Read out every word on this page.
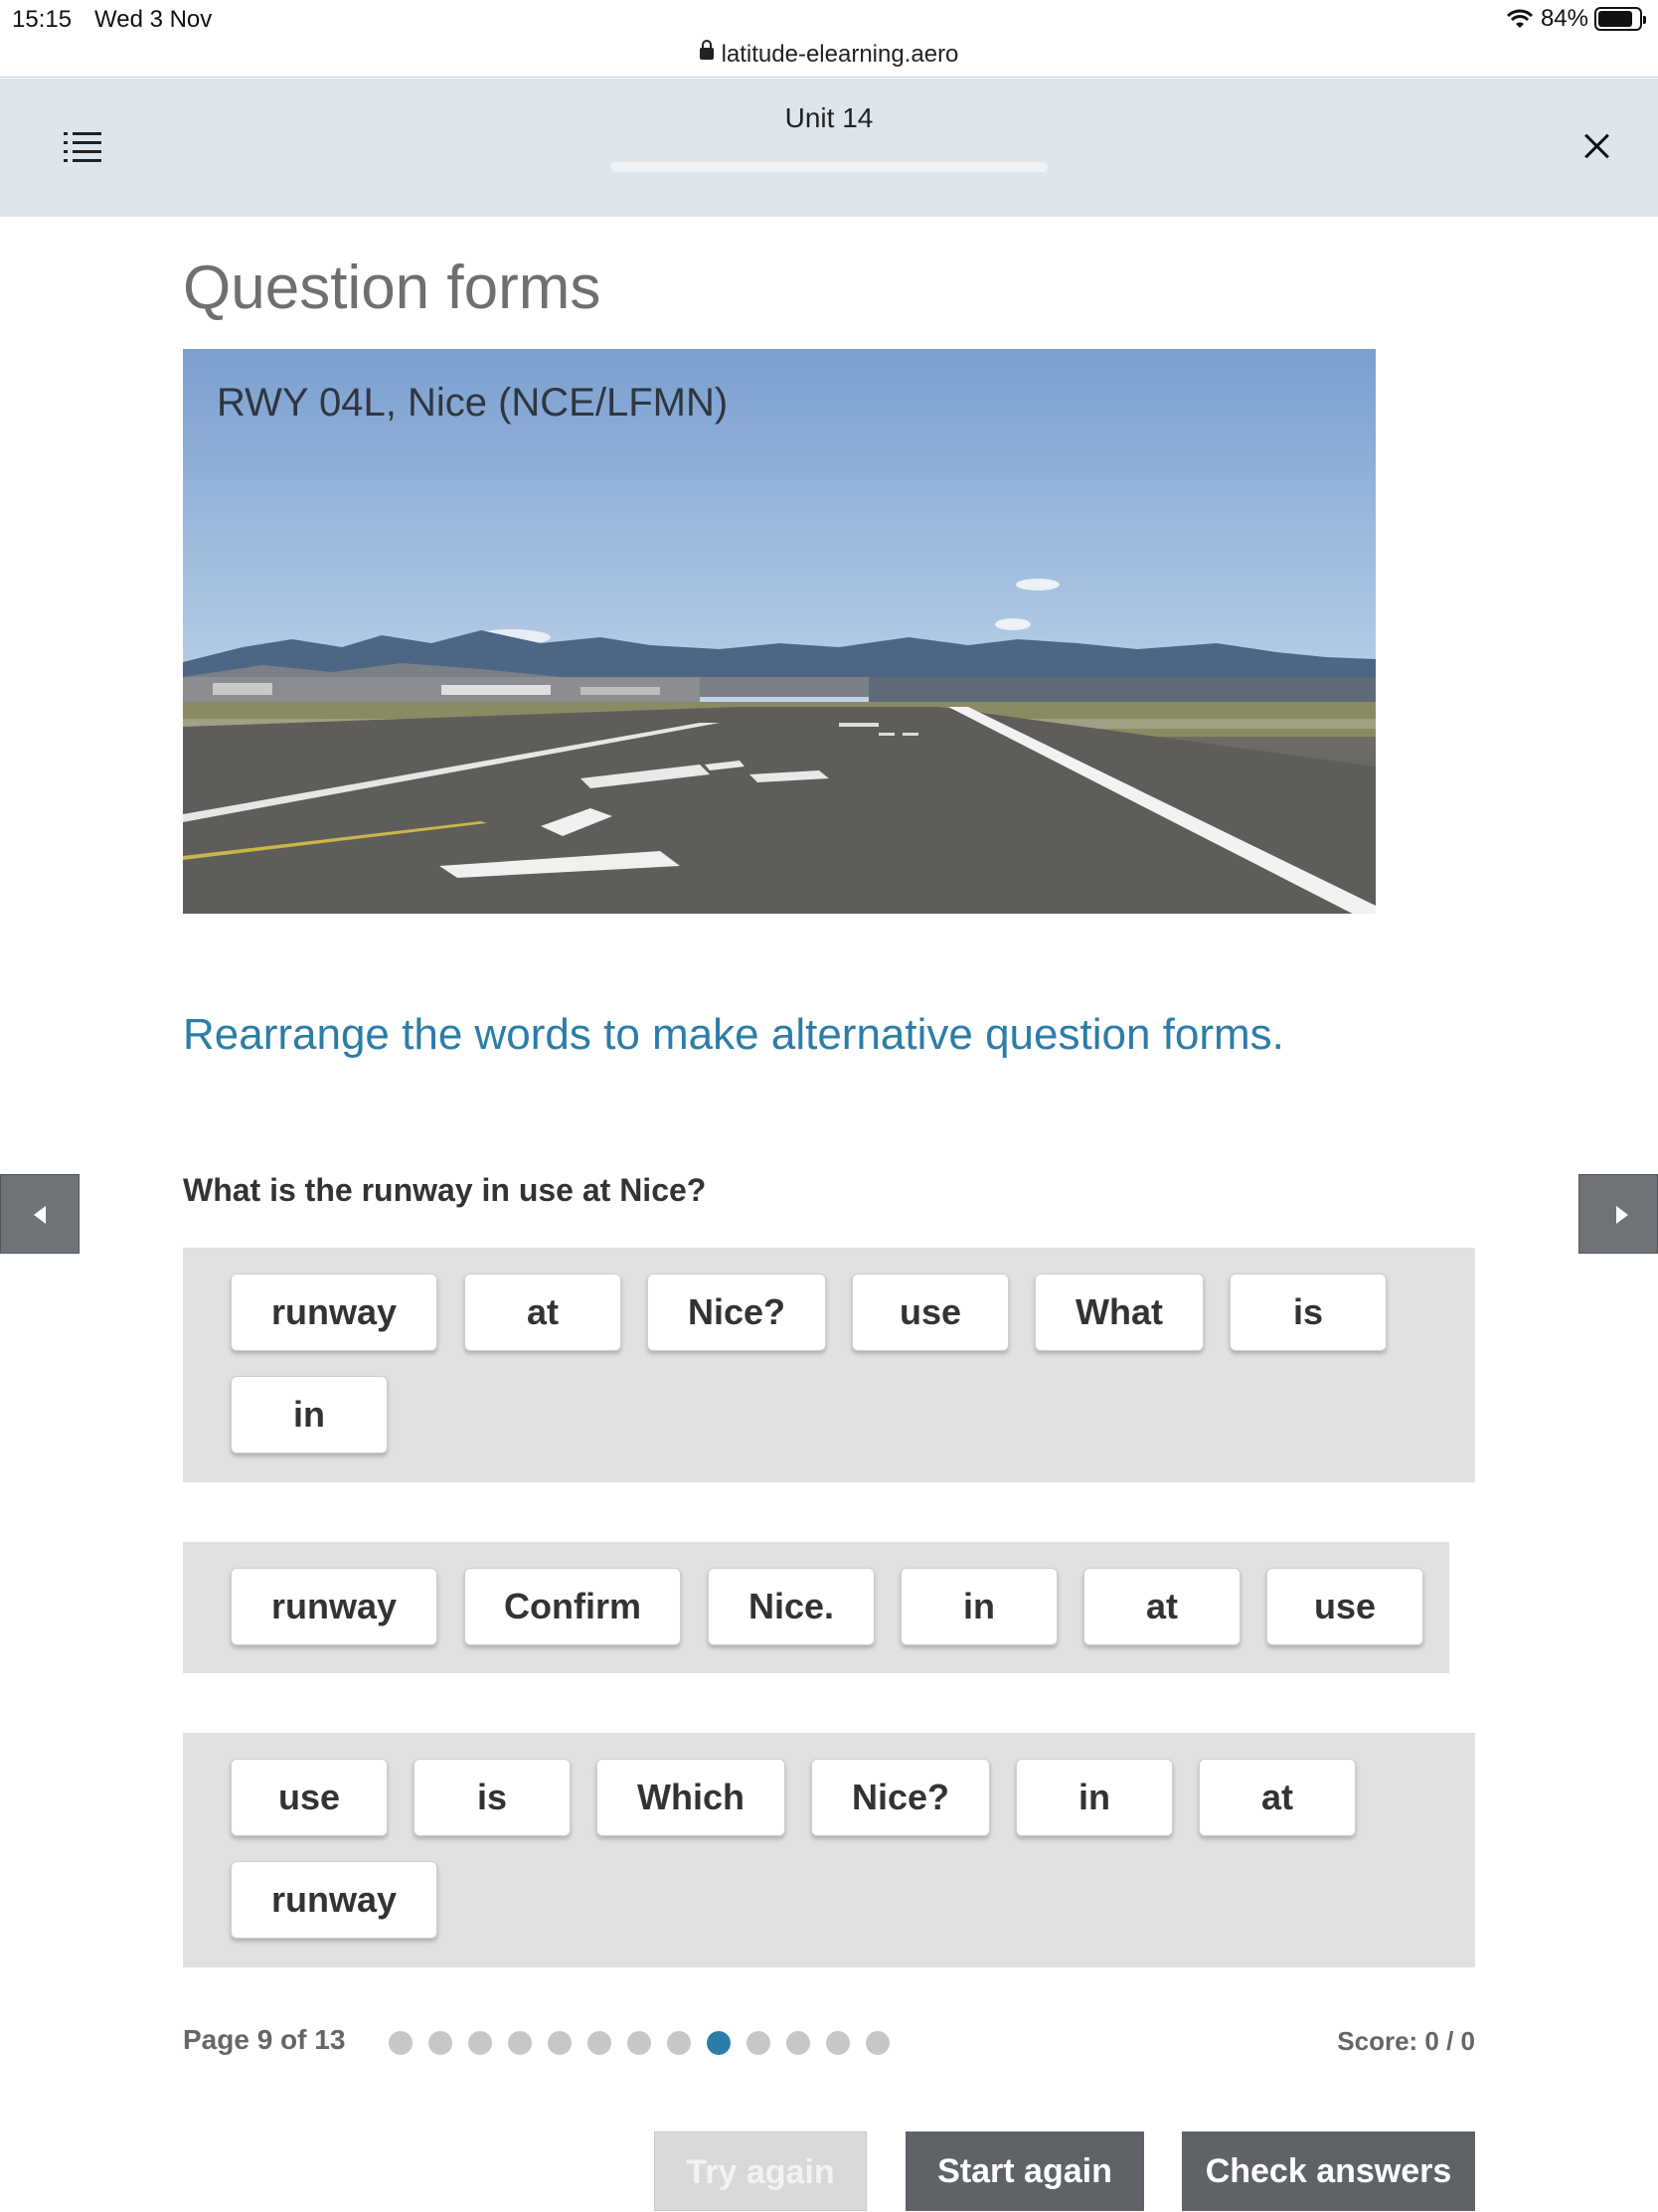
15:15 Wed 3 Nov	84%
latitude-elearning.aero
Unit 14
Question forms
RWY 04L, Nice (NCE/LFMN)
Rearrange the words to make alternative question forms.
What is the runway in use at Nice?
runway	at	Nice?	use	What	is
in
runway	Confirm	Nice.	in	at	use
use	is	Which	Nice?	in	at
runway
Page 9 of 13	Score: 0 / 0
Try again	Start again	Check answers
